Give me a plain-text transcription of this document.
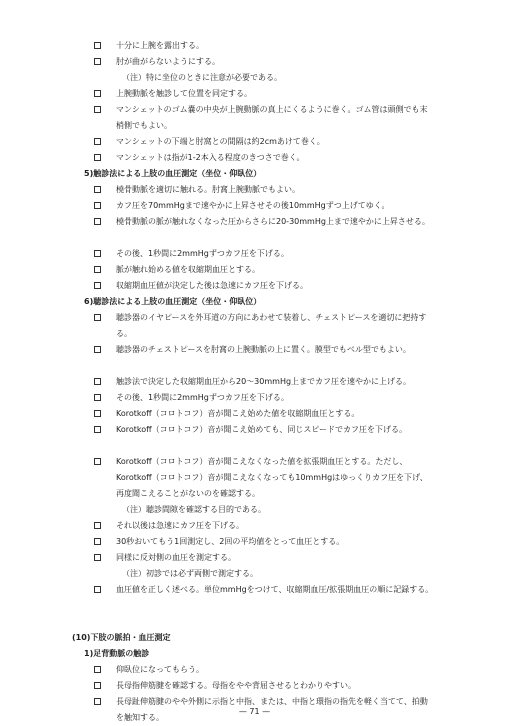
十分に上腕を露出する。
肘が曲がらないようにする。
（注）特に坐位のときに注意が必要である。
上腕動脈を触診して位置を同定する。
マンシェットのゴム嚢の中央が上腕動脈の真上にくるように巻く。ゴム管は頭側でも末梢側でもよい。
マンシェットの下端と肘窩との間隔は約2cmあけて巻く。
マンシェットは指が1-2本入る程度のきつさで巻く。
5)触診法による上肢の血圧測定（坐位・仰臥位）
橈骨動脈を適切に触れる。肘窩上腕動脈でもよい。
カフ圧を70mmHgまで速やかに上昇させその後10mmHgずつ上げてゆく。
橈骨動脈の脈が触れなくなった圧からさらに20-30mmHg上まで速やかに上昇させる。
その後、1秒間に2mmHgずつカフ圧を下げる。
脈が触れ始める値を収縮期血圧とする。
収縮期血圧値が決定した後は急速にカフ圧を下げる。
6)聴診法による上肢の血圧測定（坐位・仰臥位）
聴診器のイヤピースを外耳道の方向にあわせて装着し、チェストピースを適切に把持する。
聴診器のチェストピースを肘窩の上腕動脈の上に置く。膜型でもベル型でもよい。
触診法で決定した収縮期血圧から20～30mmHg上までカフ圧を速やかに上げる。
その後、1秒間に2mmHgずつカフ圧を下げる。
Korotkoff（コロトコフ）音が聞こえ始めた値を収縮期血圧とする。
Korotkoff（コロトコフ）音が聞こえ始めても、同じスピードでカフ圧を下げる。
Korotkoff（コロトコフ）音が聞こえなくなった値を拡張期血圧とする。ただし、Korotkoff（コロトコフ）音が聞こえなくなっても10mmHgはゆっくりカフ圧を下げ、再度聞こえることがないのを確認する。
（注）聴診間隙を確認する目的である。
それ以後は急速にカフ圧を下げる。
30秒おいてもう1回測定し、2回の平均値をとって血圧とする。
同様に反対側の血圧を測定する。
（注）初診では必ず両側で測定する。
血圧値を正しく述べる。単位mmHgをつけて、収縮期血圧/拡張期血圧の順に記録する。
(10)下肢の脈拍・血圧測定
1)足背動脈の触診
仰臥位になってもらう。
長母指伸筋腱を確認する。母指をやや背屈させるとわかりやすい。
長母趾伸筋腱のやや外側に示指と中指、または、中指と環指の指先を軽く当てて、拍動を触知する。
— 71 —
